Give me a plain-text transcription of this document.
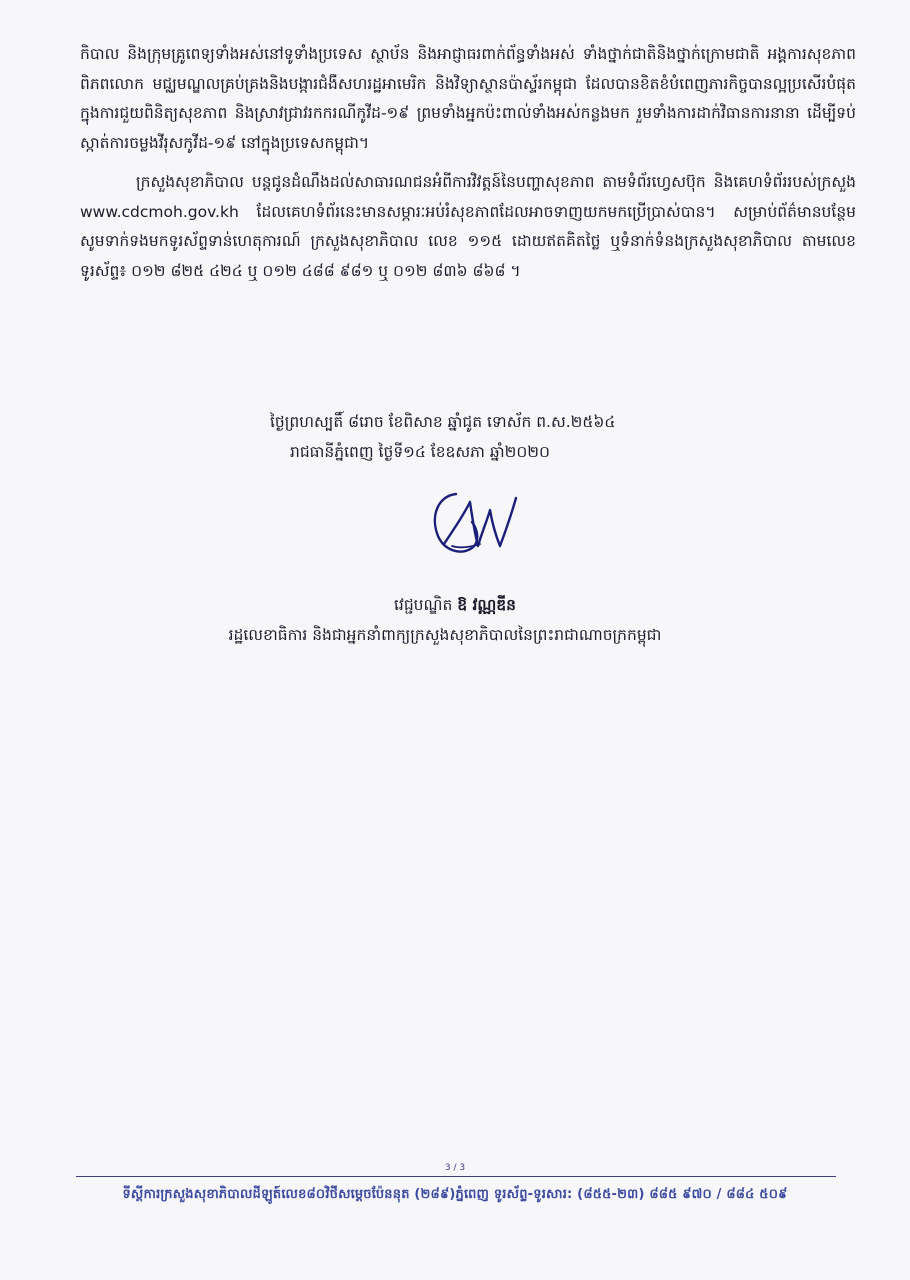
កិបាល និងក្រុមគ្រូពេទ្យទាំងអស់នៅទូទាំងប្រទេស ស្ថាប័ន និងអាជ្ញាធរពាក់ព័ន្ធទាំងអស់ ទាំងថ្នាក់ជាតិនិងថ្នាក់ក្រោមជាតិ អង្គការសុខភាពពិភពលោក មជ្ឈមណ្ឌលគ្រប់គ្រងនិងបង្ការជំងឺសហរដ្ឋអាមេរិក និងវិទ្យាស្ថានប៉ាស្ទ័រកម្ពុជា ដែលបានខិតខំបំពេញភារកិច្ចបានល្អប្រសើរបំផុត ក្នុងការជួយពិនិត្យសុខភាព និងស្រាវជ្រាវរកករណីកូវីដ-១៩ ព្រមទាំងអ្នកប៉ះពាល់ទាំងអស់កន្លងមក រួមទាំងការដាក់វិធានការនានា ដើម្បីទប់ស្កាត់ការចម្លងវីរុសកូវីដ-១៩ នៅក្នុងប្រទេសកម្ពុជា។

ក្រសួងសុខាភិបាល បន្តជូនដំណឹងដល់សាធារណជនអំពីការវិវត្តន៍នៃបញ្ហាសុខភាព តាមទំព័រហ្វេសប៊ុក និងគេហទំព័ររបស់ក្រសួង www.cdcmoh.gov.kh ដែលគេហទំព័រនេះមានសម្ភារៈអប់រំសុខភាពដែលអាចទាញយកមកប្រើប្រាស់បាន។ សម្រាប់ព័ត៌មានបន្ថែម សូមទាក់ទងមកទូរស័ព្ទទាន់ហេតុការណ៍ ក្រសួងសុខាភិបាល លេខ ១១៥ ដោយឥតគិតថ្លៃ ឬទំនាក់ទំនងក្រសួងសុខាភិបាល តាមលេខទូរស័ព្ទ៖ ០១២ ៨២៥ ៤២៤ ឬ ០១២ ៤៨៨ ៩៨១ ឬ ០១២ ៨៣៦ ៨៦៨ ។

ថ្ងៃព្រហស្បតិ៍ ៨រោច ខែពិសាខ ឆ្នាំជូត ទោស័ក ព.ស.២៥៦៤
រាជធានីភ្នំពេញ ថ្ងៃទី១៤ ខែឧសភា ឆ្នាំ២០២០
វេជ្ជបណ្ឌិត ឱ វណ្ណឌីន
រដ្ឋលេខាធិការ និងជាអ្នកនាំពាក្យក្រសួងសុខាភិបាលនៃព្រះរាជាណាចក្រកម្ពុជា
3 / 3
ទីស្តីការក្រសួងសុខាភិបាលដីឡូត៍លេខ៨០វិថីសម្តេចប៉ែននុត (២៨៩)ភ្នំពេញ ទូរស័ព្ទ-ទូរសារ: (៨៥៥-២៣) ៨៨៥ ៩៧០ / ៨៨៤ ៥០៩
